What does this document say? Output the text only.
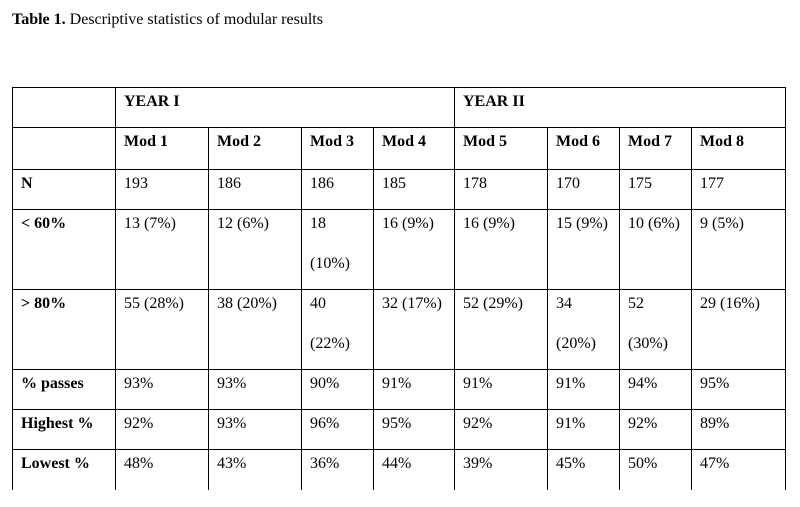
Table 1. Descriptive statistics of modular results
	YEAR I				YEAR II			
	Mod 1	Mod 2	Mod 3	Mod 4	Mod 5	Mod 6	Mod 7	Mod 8

N	193	186	186	185	178	170	175	177

< 60%	13 (7%)	12 (6%)	18 (10%)	16 (9%)	16 (9%)	15 (9%)	10 (6%)	9 (5%)

> 80%	55 (28%)	38 (20%)	40 (22%)	32 (17%)	52 (29%)	34 (20%)	52 (30%)	29 (16%)

% passes	93%	93%	90%	91%	91%	91%	94%	95%

Highest %	92%	93%	96%	95%	92%	91%	92%	89%

Lowest %	48%	43%	36%	44%	39%	45%	50%	47%
